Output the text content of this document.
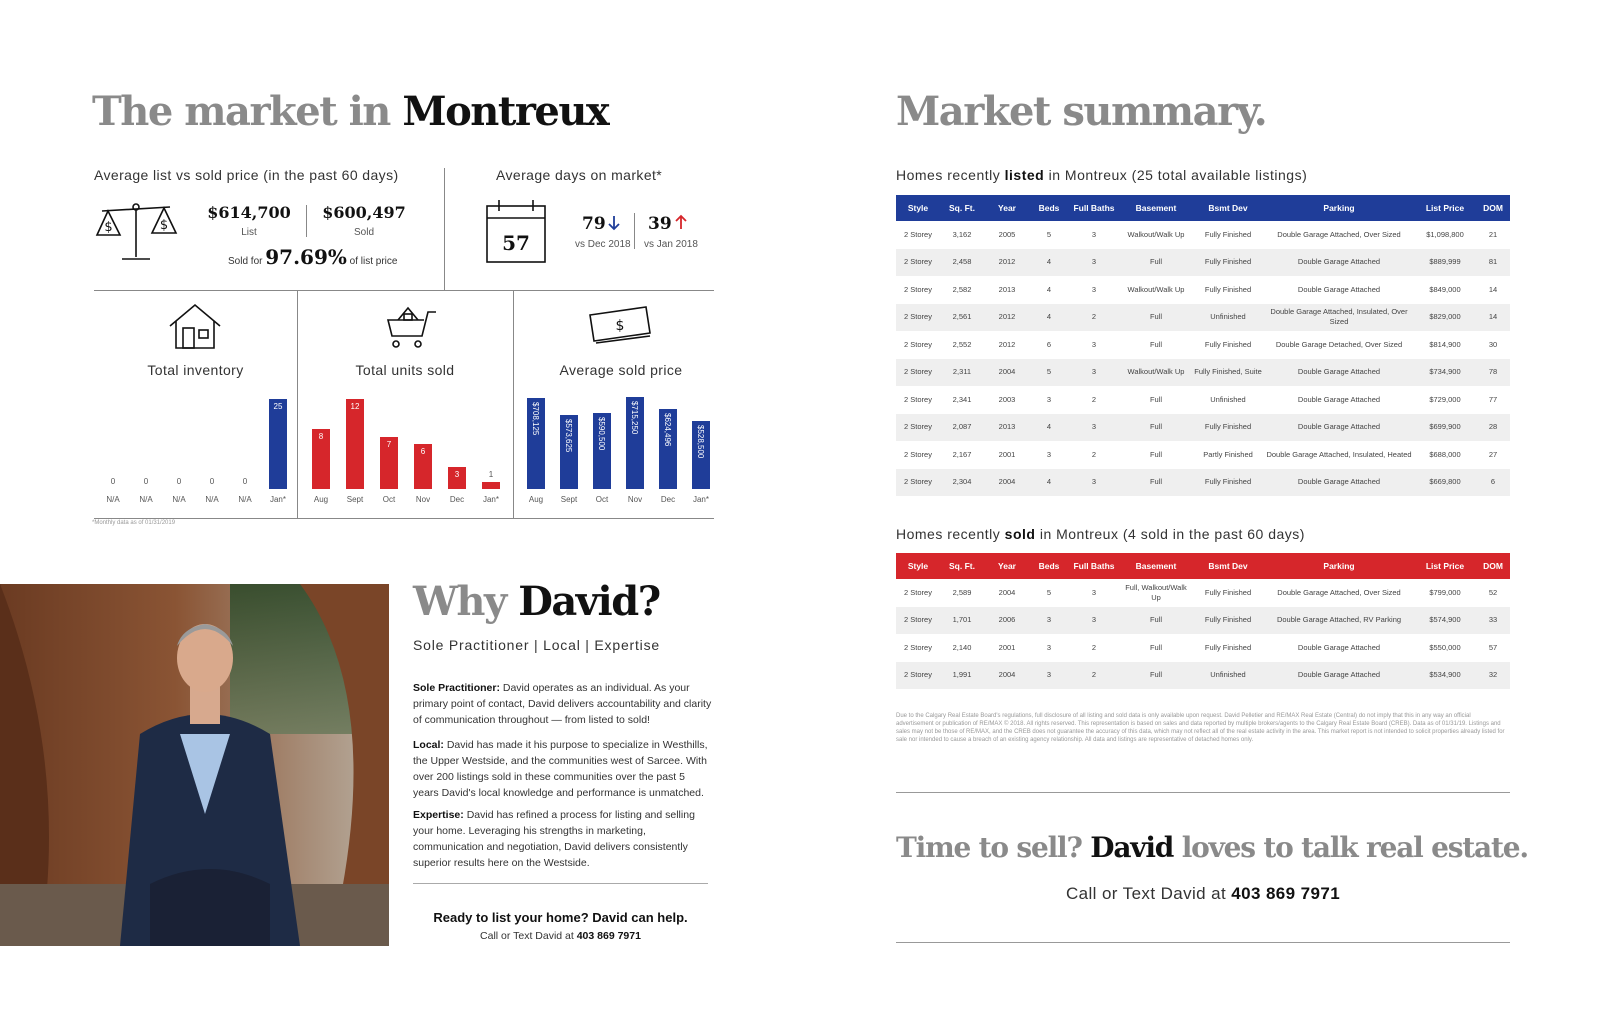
The market in Montreux
Average list vs sold price (in the past 60 days)
$	$
$614,700
List
$600,497
Sold
Sold for 97.69% of list price
Average days on market*
57
79
vs Dec 2018
39
vs Jan 2018
$
Total inventory	Total units sold	Average sold price
0
N/A
0
N/A
0
N/A
0
N/A
0
N/A
25
Jan*
8
Aug
12
Sept
7
Oct
6
Nov
3
Dec
1
Jan*
$708,125
Aug
$573,625
Sept
$590,500
Oct
$715,250
Nov
$624,496
Dec
$528,500
Jan*
*Monthly data as of 01/31/2019
Why David?
Sole Practitioner | Local | Expertise
Sole Practitioner: David operates as an individual. As your primary point of contact, David delivers accountability and clarity of communication throughout — from listed to sold!
Local: David has made it his purpose to specialize in Westhills, the Upper Westside, and the communities west of Sarcee. With over 200 listings sold in these communities over the past 5 years David's local knowledge and performance is unmatched.
Expertise: David has refined a process for listing and selling your home. Leveraging his strengths in marketing, communication and negotiation, David delivers consistently superior results here on the Westside.
Ready to list your home? David can help.
Call or Text David at 403 869 7971
Market summary.
Homes recently listed in Montreux (25 total available listings)
Style	Sq. Ft.	Year	Beds	Full Baths	Basement	Bsmt Dev	Parking	List Price	DOM
2 Storey	3,162	2005	5	3	Walkout/Walk Up	Fully Finished	Double Garage Attached, Over Sized	$1,098,800	21
2 Storey	2,458	2012	4	3	Full	Fully Finished	Double Garage Attached	$889,999	81
2 Storey	2,582	2013	4	3	Walkout/Walk Up	Fully Finished	Double Garage Attached	$849,000	14
2 Storey	2,561	2012	4	2	Full	Unfinished	Double Garage Attached, Insulated, Over Sized	$829,000	14
2 Storey	2,552	2012	6	3	Full	Fully Finished	Double Garage Detached, Over Sized	$814,900	30
2 Storey	2,311	2004	5	3	Walkout/Walk Up	Fully Finished, Suite	Double Garage Attached	$734,900	78
2 Storey	2,341	2003	3	2	Full	Unfinished	Double Garage Attached	$729,000	77
2 Storey	2,087	2013	4	3	Full	Fully Finished	Double Garage Attached	$699,900	28
2 Storey	2,167	2001	3	2	Full	Partly Finished	Double Garage Attached, Insulated, Heated	$688,000	27
2 Storey	2,304	2004	4	3	Full	Fully Finished	Double Garage Attached	$669,800	6
Homes recently sold in Montreux (4 sold in the past 60 days)
Style	Sq. Ft.	Year	Beds	Full Baths	Basement	Bsmt Dev	Parking	List Price	DOM
2 Storey	2,589	2004	5	3	Full, Walkout/Walk Up	Fully Finished	Double Garage Attached, Over Sized	$799,000	52
2 Storey	1,701	2006	3	3	Full	Fully Finished	Double Garage Attached, RV Parking	$574,900	33
2 Storey	2,140	2001	3	2	Full	Fully Finished	Double Garage Attached	$550,000	57
2 Storey	1,991	2004	3	2	Full	Unfinished	Double Garage Attached	$534,900	32
Due to the Calgary Real Estate Board's regulations, full disclosure of all listing and sold data is only available upon request. David Pelletier and RE/MAX Real Estate (Central) do not imply that this in any way an official advertisement or publication of RE/MAX © 2018. All rights reserved. This representation is based on sales and data reported by multiple brokers/agents to the Calgary Real Estate Board (CREB). Data as of 01/31/19. Listings and sales may not be those of RE/MAX, and the CREB does not guarantee the accuracy of this data, which may not reflect all of the real estate activity in the area. This market report is not intended to solicit properties already listed for sale nor intended to cause a breach of an existing agency relationship. All data and listings are representative of detached homes only.
Time to sell? David loves to talk real estate.
Call or Text David at 403 869 7971
